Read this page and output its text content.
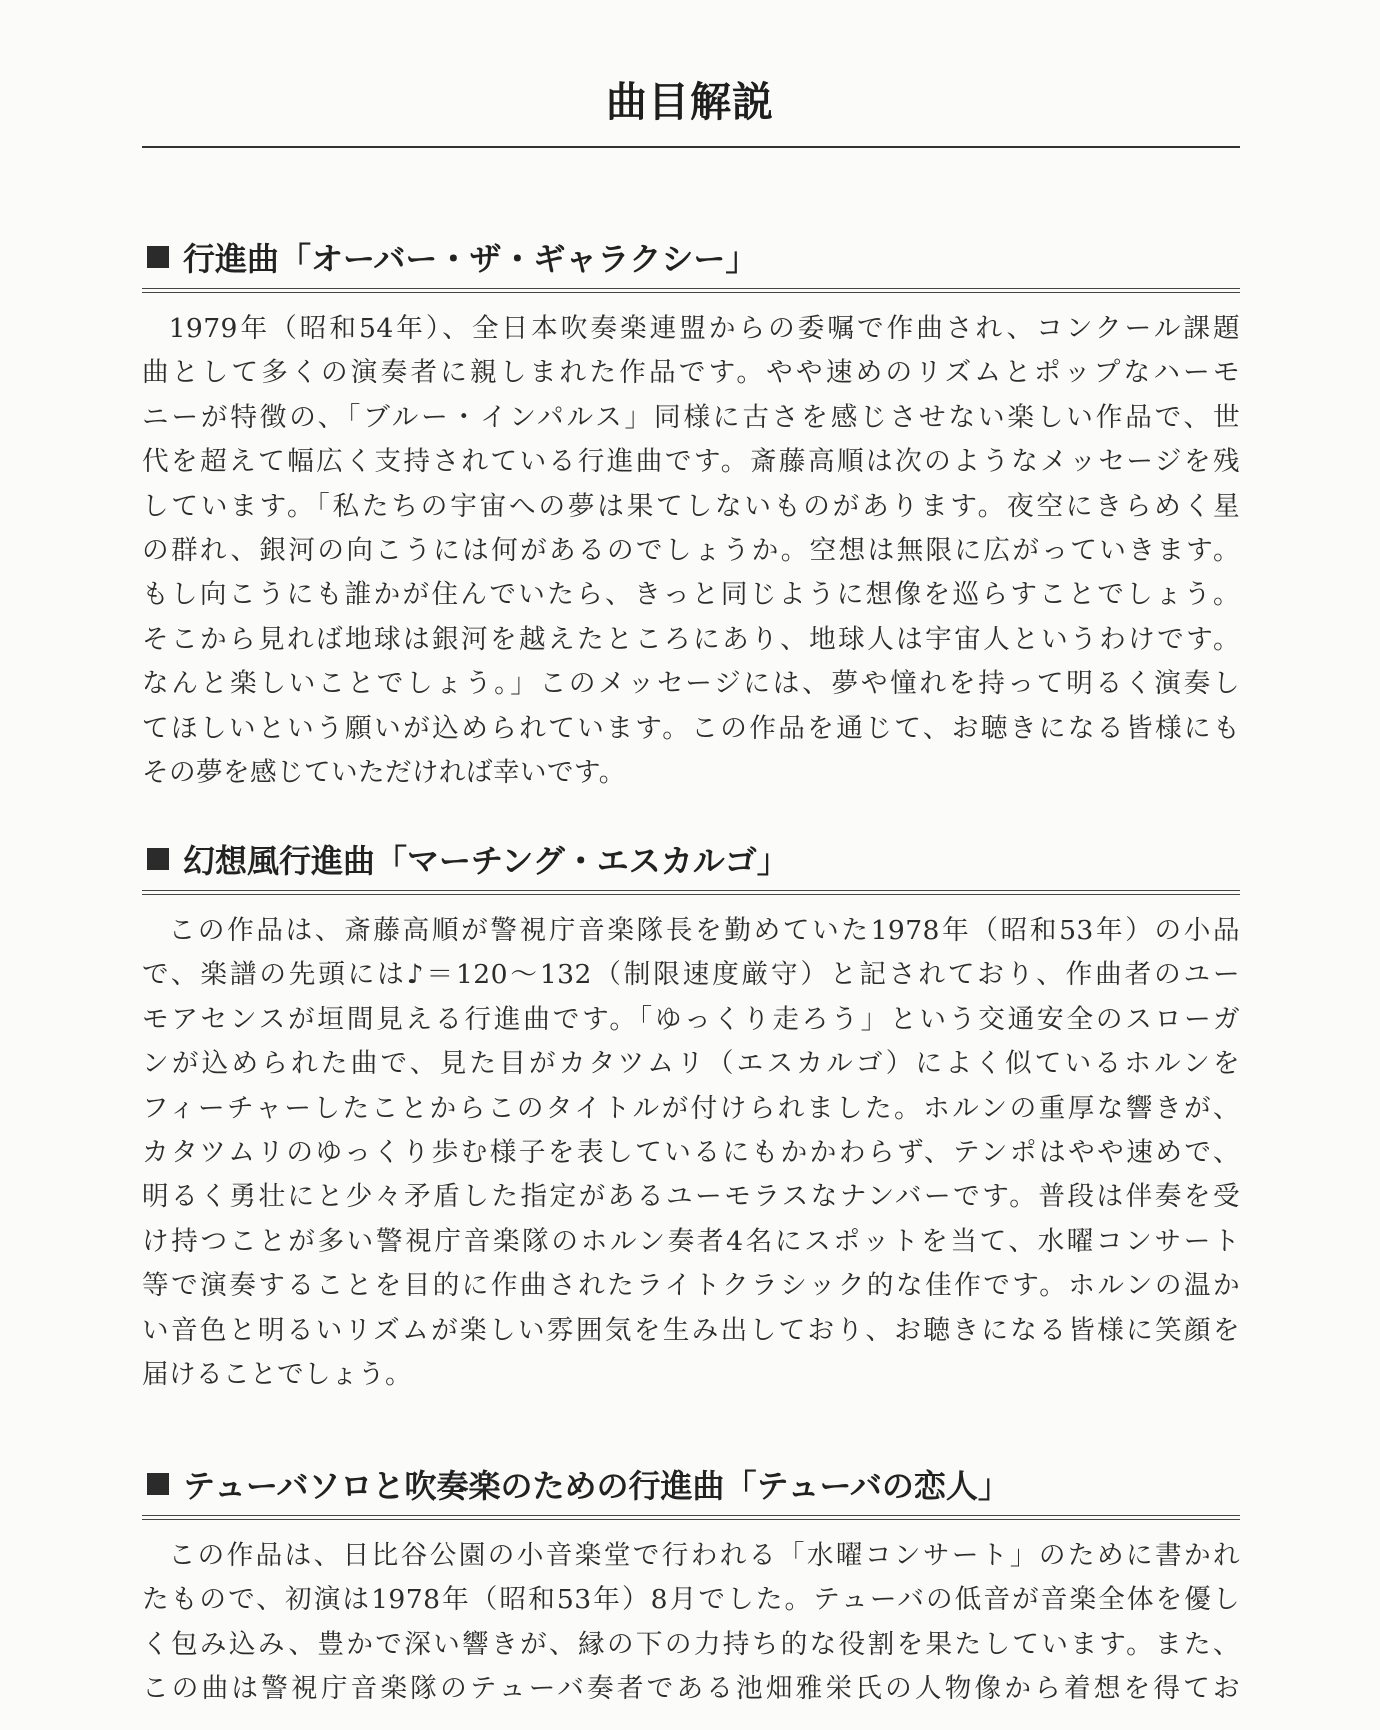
曲目解説
行進曲「オーバー・ザ・ギャラクシー」
1979年（昭和54年）、全日本吹奏楽連盟からの委嘱で作曲され、コンクール課題
曲として多くの演奏者に親しまれた作品です。やや速めのリズムとポップなハーモ
ニーが特徴の、「ブルー・インパルス」同様に古さを感じさせない楽しい作品で、世
代を超えて幅広く支持されている行進曲です。斎藤高順は次のようなメッセージを残
しています。「私たちの宇宙への夢は果てしないものがあります。夜空にきらめく星
の群れ、銀河の向こうには何があるのでしょうか。空想は無限に広がっていきます。
もし向こうにも誰かが住んでいたら、きっと同じように想像を巡らすことでしょう。
そこから見れば地球は銀河を越えたところにあり、地球人は宇宙人というわけです。
なんと楽しいことでしょう。」このメッセージには、夢や憧れを持って明るく演奏し
てほしいという願いが込められています。この作品を通じて、お聴きになる皆様にも
その夢を感じていただければ幸いです。
幻想風行進曲「マーチング・エスカルゴ」
この作品は、斎藤高順が警視庁音楽隊長を勤めていた1978年（昭和53年）の小品
で、楽譜の先頭には♪＝120〜132（制限速度厳守）と記されており、作曲者のユー
モアセンスが垣間見える行進曲です。「ゆっくり走ろう」という交通安全のスローガ
ンが込められた曲で、見た目がカタツムリ（エスカルゴ）によく似ているホルンを
フィーチャーしたことからこのタイトルが付けられました。ホルンの重厚な響きが、
カタツムリのゆっくり歩む様子を表しているにもかかわらず、テンポはやや速めで、
明るく勇壮にと少々矛盾した指定があるユーモラスなナンバーです。普段は伴奏を受
け持つことが多い警視庁音楽隊のホルン奏者4名にスポットを当て、水曜コンサート
等で演奏することを目的に作曲されたライトクラシック的な佳作です。ホルンの温か
い音色と明るいリズムが楽しい雰囲気を生み出しており、お聴きになる皆様に笑顔を
届けることでしょう。
テューバソロと吹奏楽のための行進曲「テューバの恋人」
この作品は、日比谷公園の小音楽堂で行われる「水曜コンサート」のために書かれ
たもので、初演は1978年（昭和53年）8月でした。テューバの低音が音楽全体を優し
く包み込み、豊かで深い響きが、縁の下の力持ち的な役割を果たしています。また、
この曲は警視庁音楽隊のテューバ奏者である池畑雅栄氏の人物像から着想を得てお
